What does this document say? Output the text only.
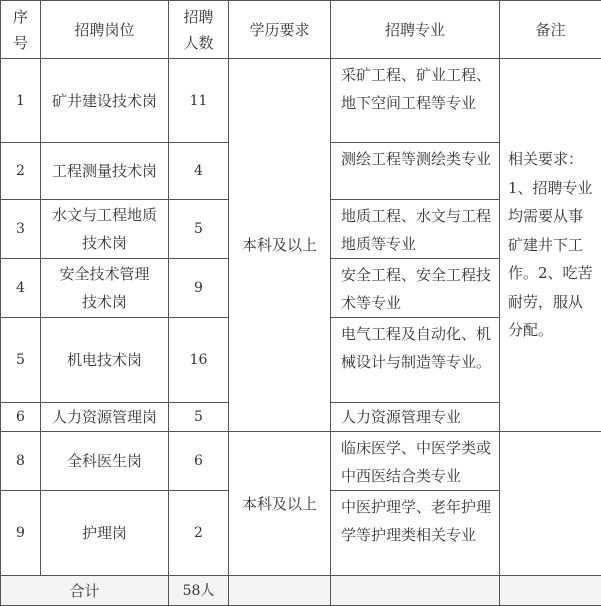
序号	招聘岗位	招聘人数	学历要求	招聘专业	备注
1	矿井建设技术岗	11	本科及以上	采矿工程、矿业工程、地下空间工程等专业	相关要求：1、招聘专业均需要从事矿建井下工作。2、吃苦耐劳，服从分配。
2	工程测量技术岗	4		测绘工程等测绘类专业	
3	水文与工程地质技术岗	5		地质工程、水文与工程地质等专业	
4	安全技术管理技术岗	9		安全工程、安全工程技术等专业	
5	机电技术岗	16		电气工程及自动化、机械设计与制造等专业。	
6	人力资源管理岗	5		人力资源管理专业	
8	全科医生岗	6	本科及以上	临床医学、中医学类或中西医结合类专业	
9	护理岗	2		中医护理学、老年护理学等护理类相关专业	
合计		58人			
